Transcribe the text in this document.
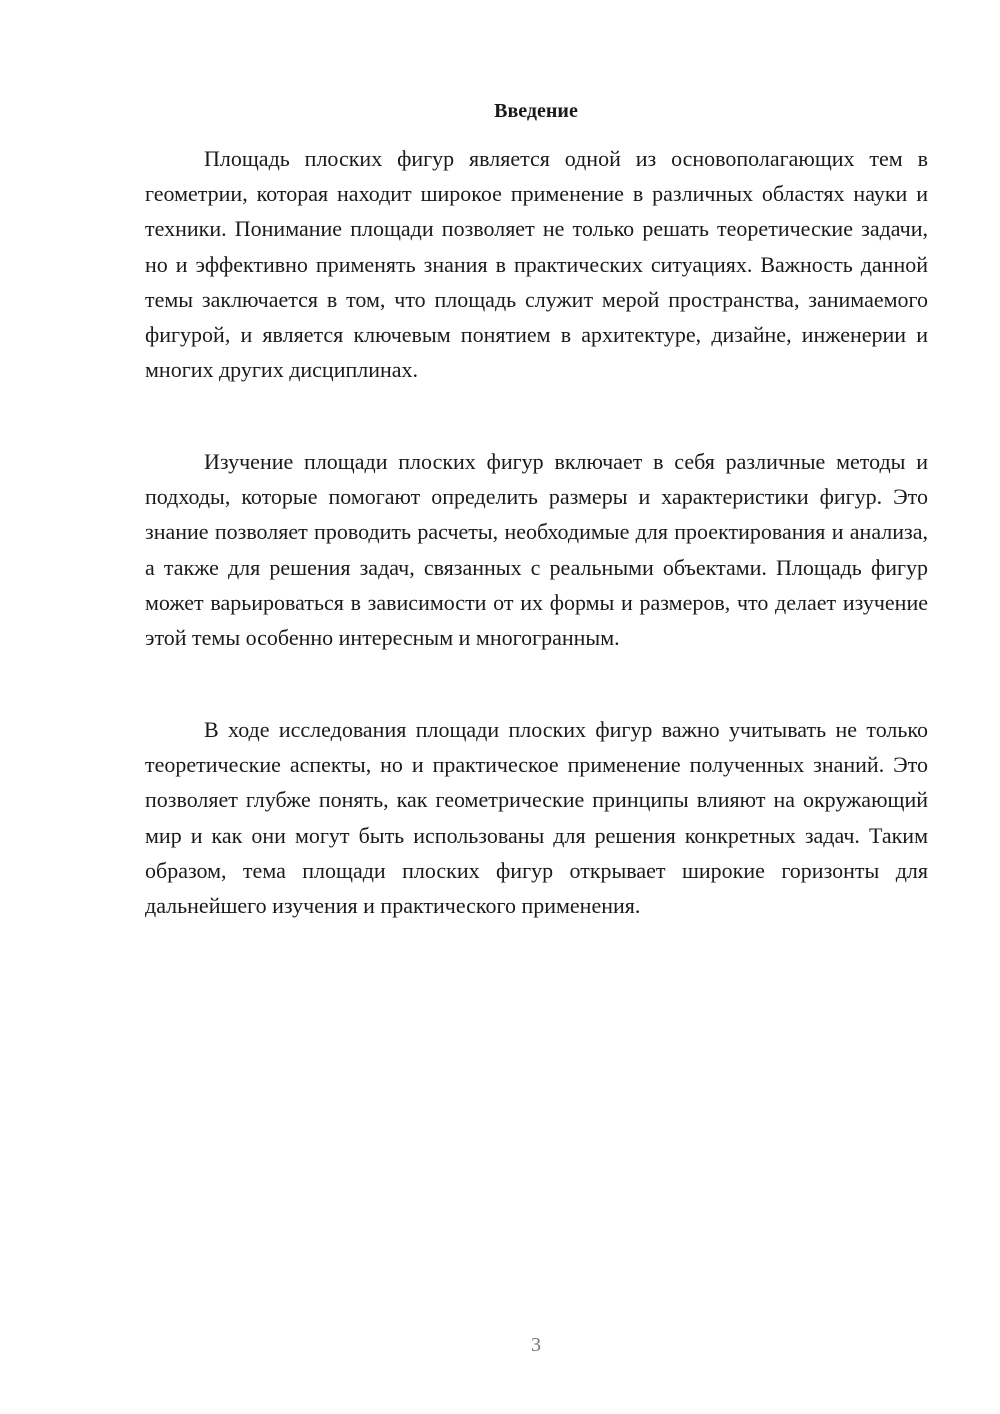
Введение

Площадь плоских фигур является одной из основополагающих тем в геометрии, которая находит широкое применение в различных областях науки и техники. Понимание площади позволяет не только решать теоретические задачи, но и эффективно применять знания в практических ситуациях. Важность данной темы заключается в том, что площадь служит мерой пространства, занимаемого фигурой, и является ключевым понятием в архитектуре, дизайне, инженерии и многих других дисциплинах.

Изучение площади плоских фигур включает в себя различные методы и подходы, которые помогают определить размеры и характеристики фигур. Это знание позволяет проводить расчеты, необходимые для проектирования и анализа, а также для решения задач, связанных с реальными объектами. Площадь фигур может варьироваться в зависимости от их формы и размеров, что делает изучение этой темы особенно интересным и многогранным.

В ходе исследования площади плоских фигур важно учитывать не только теоретические аспекты, но и практическое применение полученных знаний. Это позволяет глубже понять, как геометрические принципы влияют на окружающий мир и как они могут быть использованы для решения конкретных задач. Таким образом, тема площади плоских фигур открывает широкие горизонты для дальнейшего изучения и практического применения.

3
